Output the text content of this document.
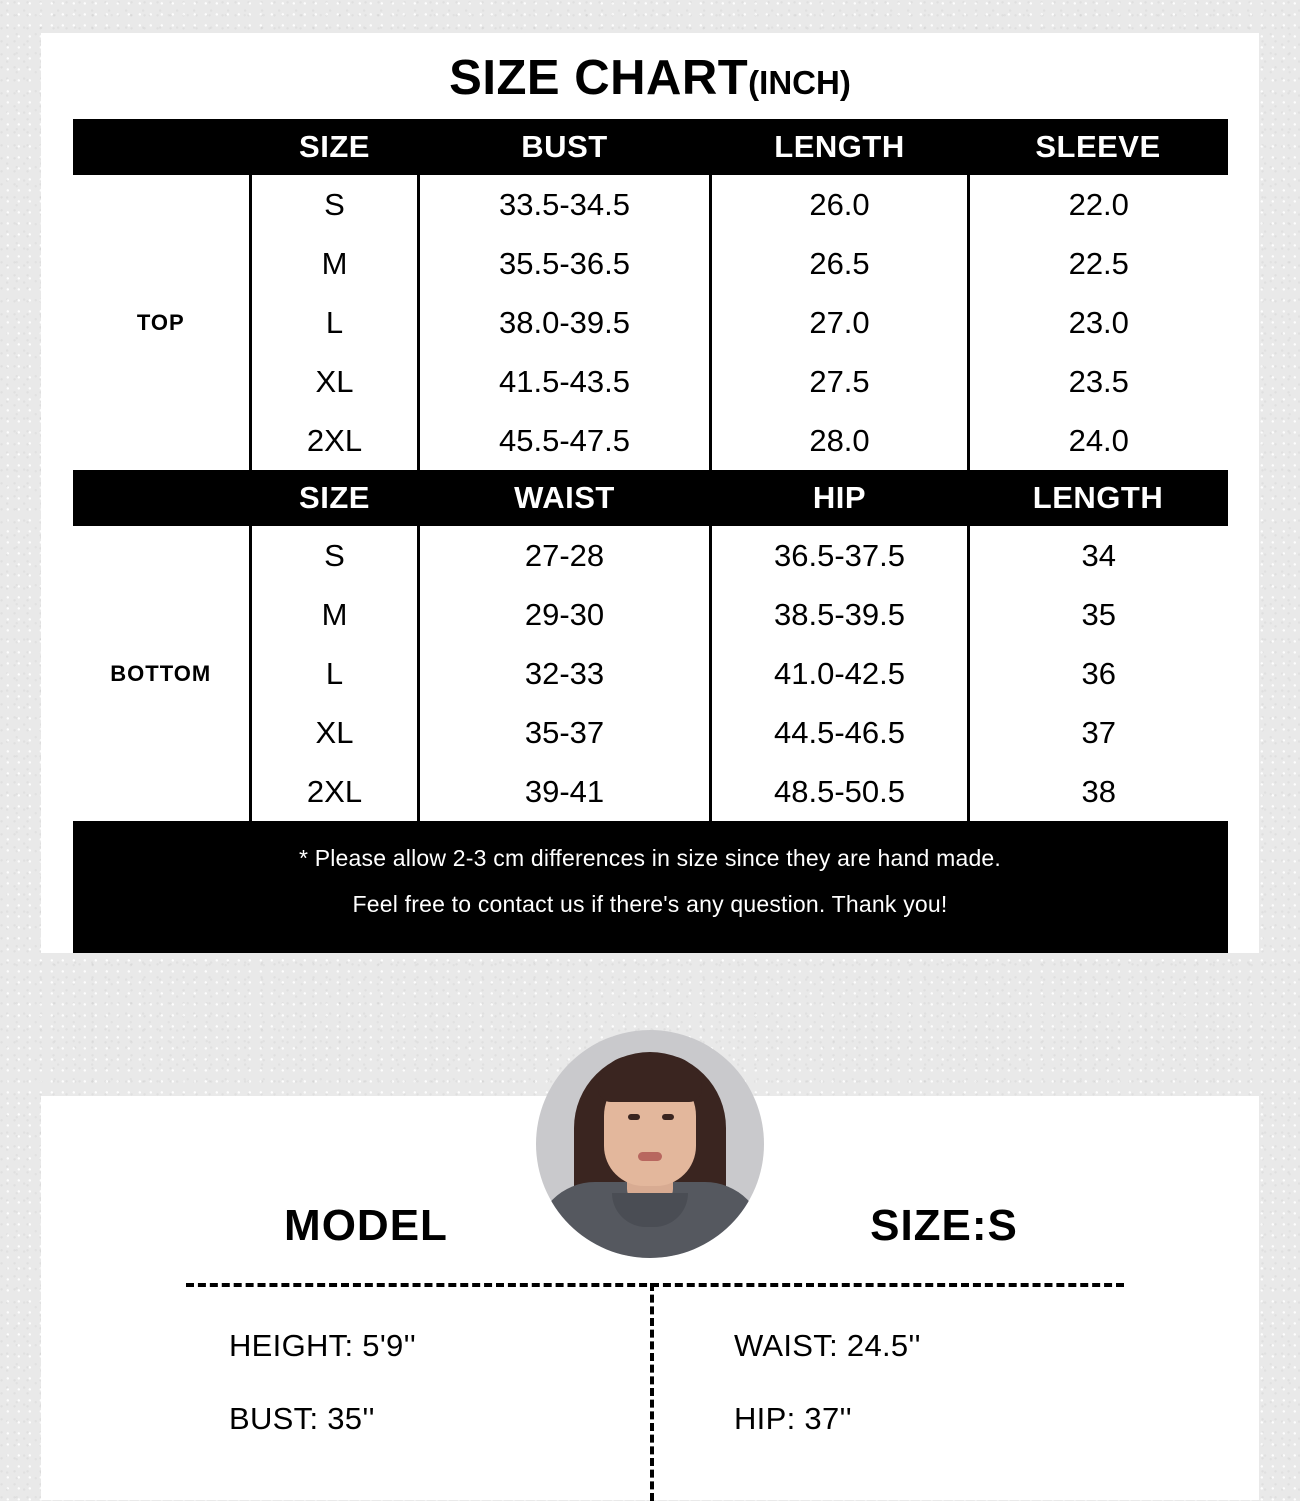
SIZE CHART(INCH)
	SIZE	BUST	LENGTH	SLEEVE
TOP	S	33.5-34.5	26.0	22.0
	M	35.5-36.5	26.5	22.5
	L	38.0-39.5	27.0	23.0
	XL	41.5-43.5	27.5	23.5
	2XL	45.5-47.5	28.0	24.0
	SIZE	WAIST	HIP	LENGTH
BOTTOM	S	27-28	36.5-37.5	34
	M	29-30	38.5-39.5	35
	L	32-33	41.0-42.5	36
	XL	35-37	44.5-46.5	37
	2XL	39-41	48.5-50.5	38
* Please allow 2-3 cm differences in size since they are hand made.
Feel free to contact us if there's any question. Thank you!
MODEL	SIZE:S
HEIGHT: 5'9''
BUST: 35''
WAIST: 24.5''
HIP: 37''
